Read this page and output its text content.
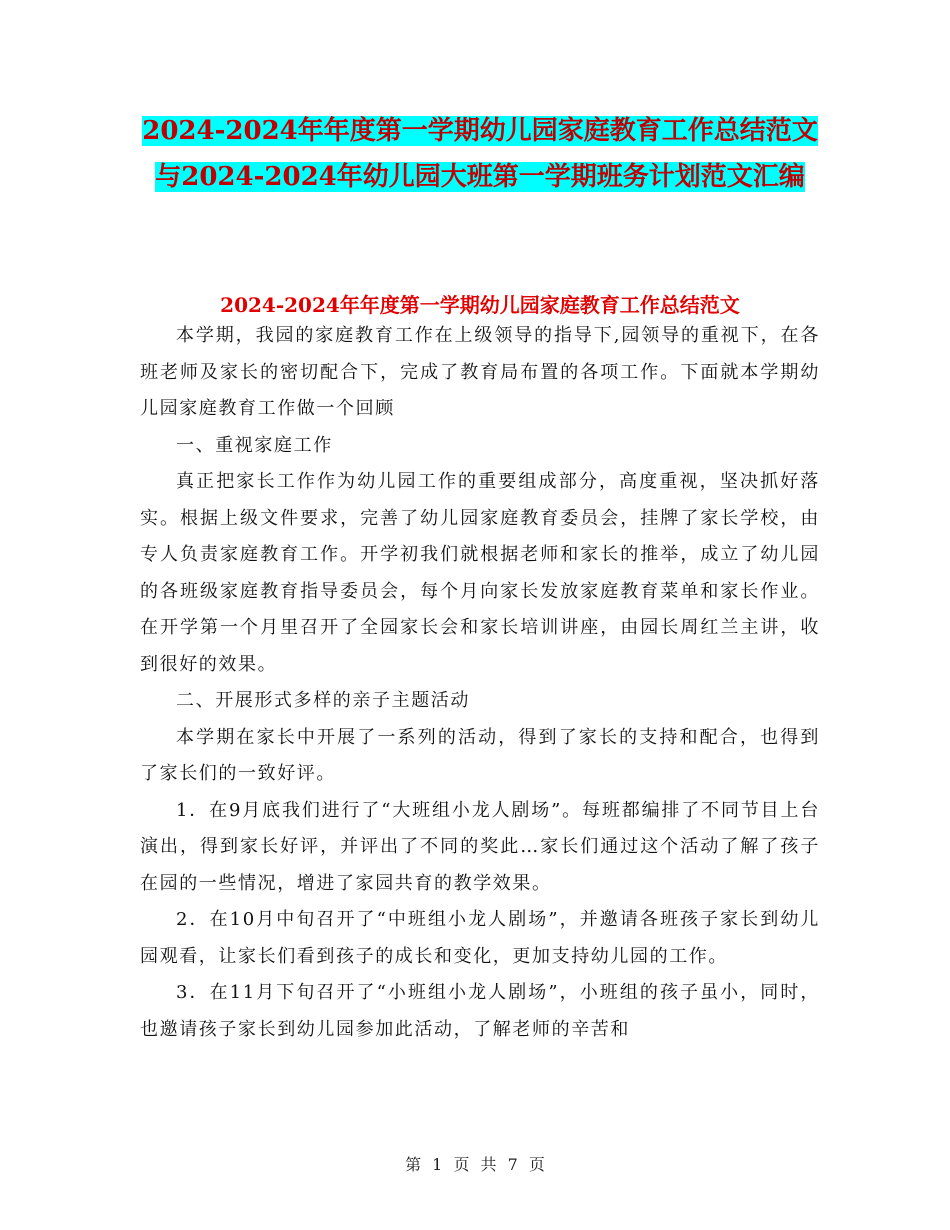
2024-2024年年度第一学期幼儿园家庭教育工作总结范文与2024-2024年幼儿园大班第一学期班务计划范文汇编
2024-2024年年度第一学期幼儿园家庭教育工作总结范文

本学期，我园的家庭教育工作在上级领导的指导下,园领导的重视下，在各班老师及家长的密切配合下，完成了教育局布置的各项工作。下面就本学期幼儿园家庭教育工作做一个回顾

一、重视家庭工作

真正把家长工作作为幼儿园工作的重要组成部分，高度重视，坚决抓好落实。根据上级文件要求，完善了幼儿园家庭教育委员会，挂牌了家长学校，由专人负责家庭教育工作。开学初我们就根据老师和家长的推举，成立了幼儿园的各班级家庭教育指导委员会，每个月向家长发放家庭教育菜单和家长作业。在开学第一个月里召开了全园家长会和家长培训讲座，由园长周红兰主讲，收到很好的效果。

二、开展形式多样的亲子主题活动

本学期在家长中开展了一系列的活动，得到了家长的支持和配合，也得到了家长们的一致好评。

1．在9月底我们进行了“大班组小龙人剧场”。每班都编排了不同节目上台演出，得到家长好评，并评出了不同的奖此…家长们通过这个活动了解了孩子在园的一些情况，增进了家园共育的教学效果。

2．在10月中旬召开了“中班组小龙人剧场”，并邀请各班孩子家长到幼儿园观看，让家长们看到孩子的成长和变化，更加支持幼儿园的工作。

3．在11月下旬召开了“小班组小龙人剧场”，小班组的孩子虽小，同时，也邀请孩子家长到幼儿园参加此活动，了解老师的辛苦和

第 1 页 共 7 页
